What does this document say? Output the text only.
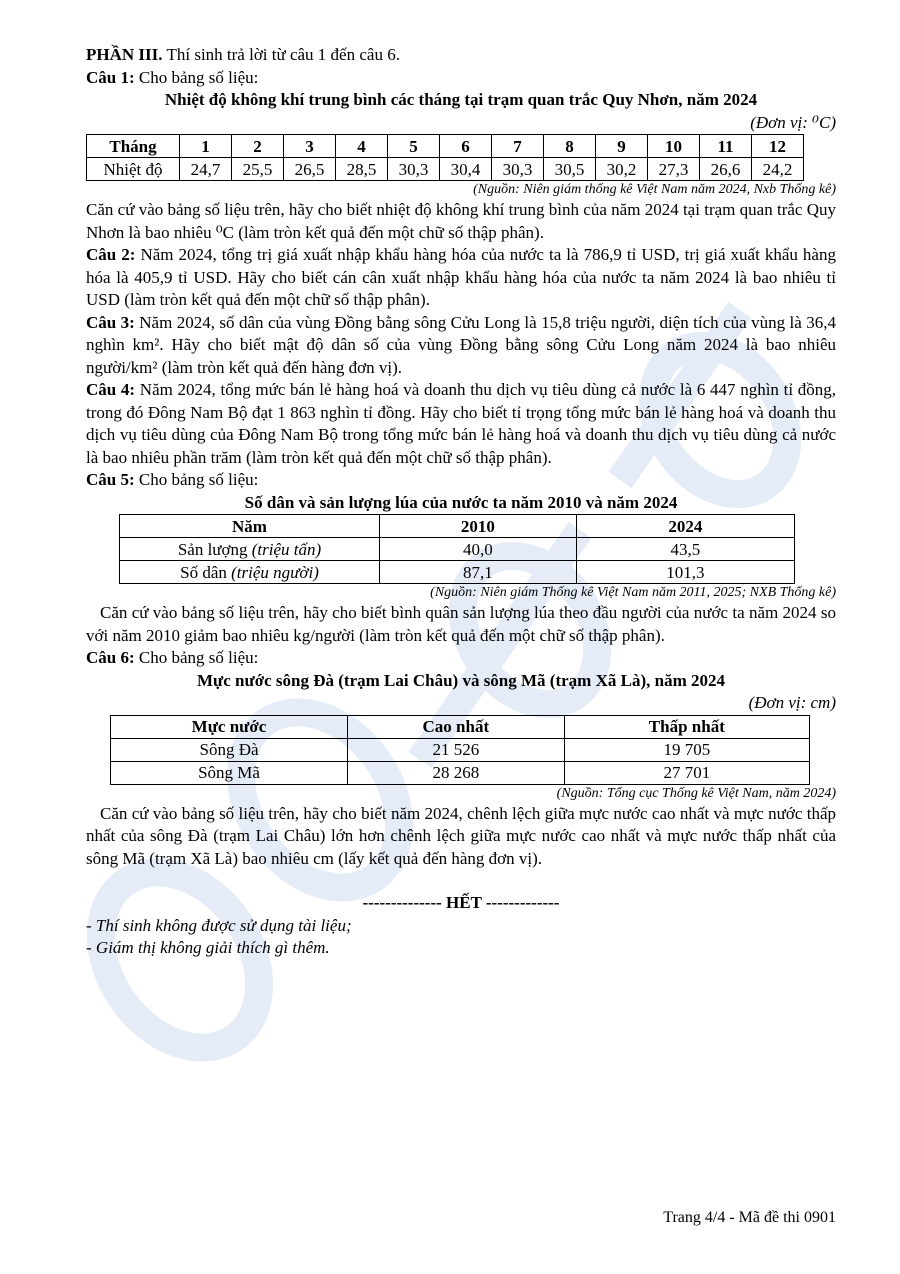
PHẦN III. Thí sinh trả lời từ câu 1 đến câu 6.

Câu 1: Cho bảng số liệu:

Nhiệt độ không khí trung bình các tháng tại trạm quan trắc Quy Nhơn, năm 2024

(Đơn vị: ⁰C)

Tháng	1	2	3	4	5	6	7	8	9	10	11	12
Nhiệt độ	24,7	25,5	26,5	28,5	30,3	30,4	30,3	30,5	30,2	27,3	26,6	24,2

(Nguồn: Niên giám thống kê Việt Nam năm 2024, Nxb Thống kê)

Căn cứ vào bảng số liệu trên, hãy cho biết nhiệt độ không khí trung bình của năm 2024 tại trạm quan trắc Quy Nhơn là bao nhiêu ⁰C (làm tròn kết quả đến một chữ số thập phân).

Câu 2: Năm 2024, tổng trị giá xuất nhập khẩu hàng hóa của nước ta là 786,9 tỉ USD, trị giá xuất khẩu hàng hóa là 405,9 tỉ USD. Hãy cho biết cán cân xuất nhập khẩu hàng hóa của nước ta năm 2024 là bao nhiêu tỉ USD (làm tròn kết quả đến một chữ số thập phân).

Câu 3: Năm 2024, số dân của vùng Đồng bằng sông Cửu Long là 15,8 triệu người, diện tích của vùng là 36,4 nghìn km². Hãy cho biết mật độ dân số của vùng Đồng bằng sông Cửu Long năm 2024 là bao nhiêu người/km² (làm tròn kết quả đến hàng đơn vị).

Câu 4: Năm 2024, tổng mức bán lẻ hàng hoá và doanh thu dịch vụ tiêu dùng cả nước là 6 447 nghìn tỉ đồng, trong đó Đông Nam Bộ đạt 1 863 nghìn tỉ đồng. Hãy cho biết tỉ trọng tổng mức bán lẻ hàng hoá và doanh thu dịch vụ tiêu dùng của Đông Nam Bộ trong tổng mức bán lẻ hàng hoá và doanh thu dịch vụ tiêu dùng cả nước là bao nhiêu phần trăm (làm tròn kết quả đến một chữ số thập phân).

Câu 5: Cho bảng số liệu:

Số dân và sản lượng lúa của nước ta năm 2010 và năm 2024

Năm	2010	2024
Sản lượng (triệu tấn)	40,0	43,5
Số dân (triệu người)	87,1	101,3

(Nguồn: Niên giám Thống kê Việt Nam năm 2011, 2025; NXB Thống kê)

Căn cứ vào bảng số liệu trên, hãy cho biết bình quân sản lượng lúa theo đầu người của nước ta năm 2024 so với năm 2010 giảm bao nhiêu kg/người (làm tròn kết quả đến một chữ số thập phân).

Câu 6: Cho bảng số liệu:

Mực nước sông Đà (trạm Lai Châu) và sông Mã (trạm Xã Là), năm 2024

(Đơn vị: cm)

Mực nước	Cao nhất	Thấp nhất
Sông Đà	21 526	19 705
Sông Mã	28 268	27 701

(Nguồn: Tổng cục Thống kê Việt Nam, năm 2024)

Căn cứ vào bảng số liệu trên, hãy cho biết năm 2024, chênh lệch giữa mực nước cao nhất và mực nước thấp nhất của sông Đà (trạm Lai Châu) lớn hơn chênh lệch giữa mực nước cao nhất và mực nước thấp nhất của sông Mã (trạm Xã Là) bao nhiêu cm (lấy kết quả đến hàng đơn vị).

-------------- HẾT -------------

- Thí sinh không được sử dụng tài liệu;

- Giám thị không giải thích gì thêm.

Trang 4/4 - Mã đề thi 0901
